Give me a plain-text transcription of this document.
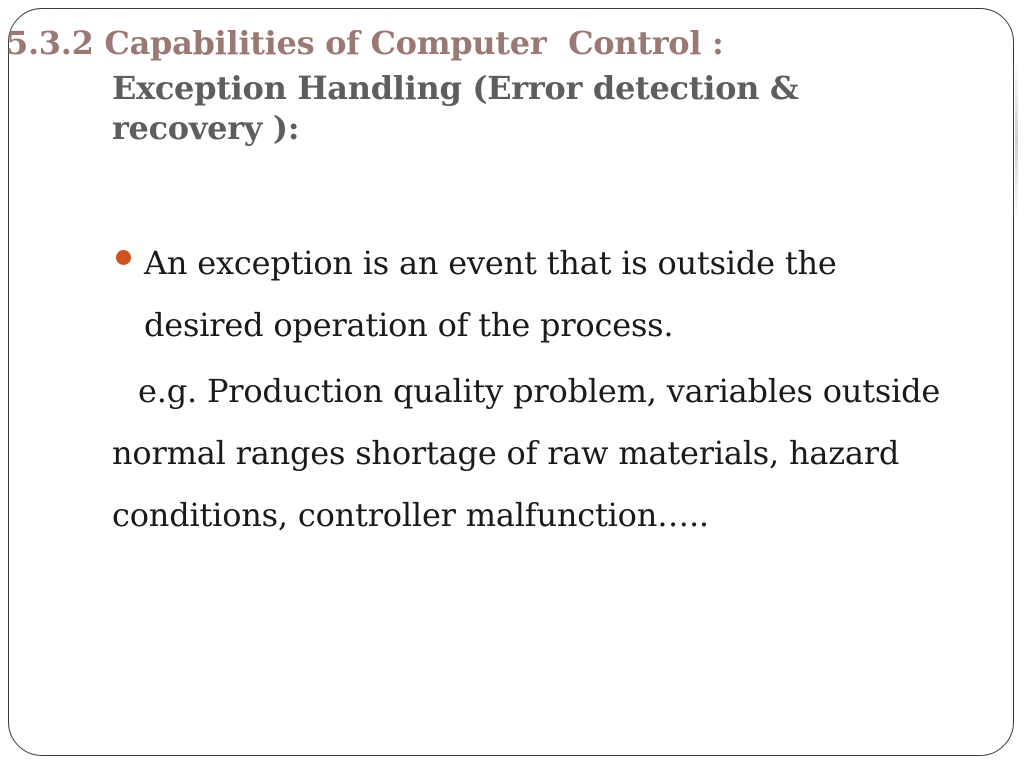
5.3.2 Capabilities of Computer  Control :
Exception Handling (Error detection & recovery ):
An exception is an event that is outside the desired operation of the process.
e.g. Production quality problem, variables outside
normal ranges shortage of raw materials, hazard conditions, controller malfunction…..
